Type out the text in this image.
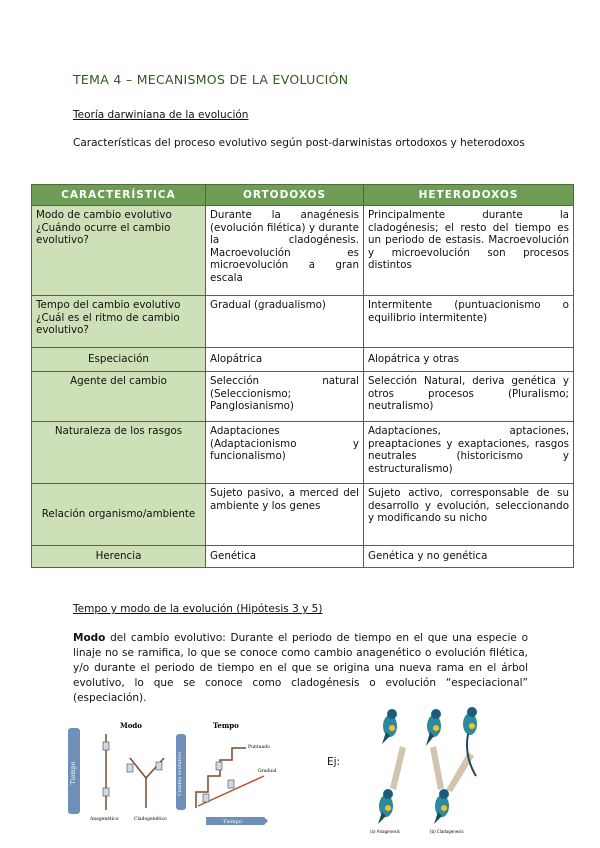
TEMA 4 – MECANISMOS DE LA EVOLUCIÓN
Teoría darwiniana de la evolución
Características del proceso evolutivo según post-darwinistas ortodoxos y heterodoxos
CARACTERÍSTICA	ORTODOXOS	HETERODOXOS
Modo de cambio evolutivo ¿Cuándo ocurre el cambio evolutivo?	Durante la anagénesis (evolución filética) y durante la cladogénesis. Macroevolución es microevolución a gran escala	Principalmente durante la cladogénesis; el resto del tiempo es un periodo de estasis. Macroevolución y microevolución son procesos distintos
Tempo del cambio evolutivo ¿Cuál es el ritmo de cambio evolutivo?	Gradual (gradualismo)	Intermitente (puntuacionismo o equilibrio intermitente)
Especiación	Alopátrica	Alopátrica y otras
Agente del cambio	Selección natural (Seleccionismo; Panglosianismo)	Selección Natural, deriva genética y otros procesos (Pluralismo; neutralismo)
Naturaleza de los rasgos	Adaptaciones (Adaptacionismo y funcionalismo)	Adaptaciones, aptaciones, preaptaciones y exaptaciones, rasgos neutrales (historicismo y estructuralismo)
Relación organismo/ambiente	Sujeto pasivo, a merced del ambiente y los genes	Sujeto activo, corresponsable de su desarrollo y evolución, seleccionando y modificando su nicho
Herencia	Genética	Genética y no genética
Tempo y modo de la evolución (Hipótesis 3 y 5)
Modo del cambio evolutivo: Durante el periodo de tiempo en el que una especie o linaje no se ramifica, lo que se conoce como cambio anagenético o evolución filética, y/o durante el periodo de tiempo en el que se origina una nueva rama en el árbol evolutivo, lo que se conoce como cladogénesis o evolución “especiacional” (especiación).
Tiempo
Modo
Anagenético	Cladogenético
Cambio evolutivo
Tempo
Puntuado
Gradual
Tiempo
Ej:
(a) Anagenesis	(b) Cladogenesis
